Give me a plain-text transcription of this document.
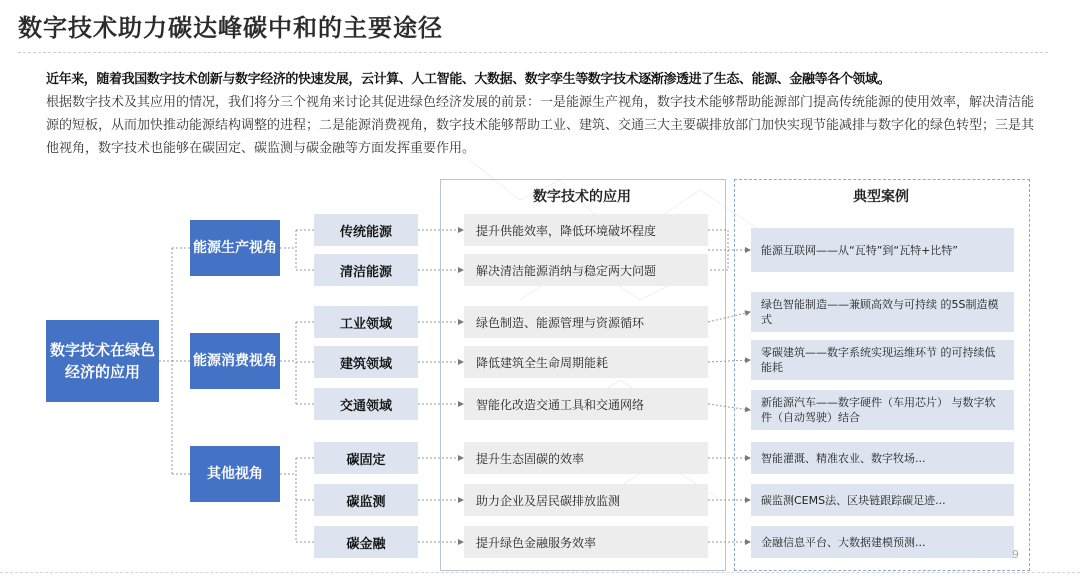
数字技术助力碳达峰碳中和的主要途径
近年来，随着我国数字技术创新与数字经济的快速发展，云计算、人工智能、大数据、数字孪生等数字技术逐渐渗透进了生态、能源、金融等各个领域。
根据数字技术及其应用的情况，我们将分三个视角来讨论其促进绿色经济发展的前景：一是能源生产视角，数字技术能够帮助能源部门提高传统能源的使用效率，解决清洁能源的短板，从而加快推动能源结构调整的进程；二是能源消费视角，数字技术能够帮助工业、建筑、交通三大主要碳排放部门加快实现节能减排与数字化的绿色转型；三是其他视角，数字技术也能够在碳固定、碳监测与碳金融等方面发挥重要作用。
数字技术的应用	典型案例
数字技术在绿色经济的应用
能源生产视角
能源消费视角
其他视角
传统能源
清洁能源
工业领域
建筑领域
交通领域
碳固定
碳监测
碳金融
提升供能效率，降低环境破坏程度
解决清洁能源消纳与稳定两大问题
绿色制造、能源管理与资源循环
降低建筑全生命周期能耗
智能化改造交通工具和交通网络
提升生态固碳的效率
助力企业及居民碳排放监测
提升绿色金融服务效率
能源互联网——从“瓦特”到“瓦特+比特”
绿色智能制造——兼顾高效与可持续 的5S制造模式
零碳建筑——数字系统实现运维环节 的可持续低能耗
新能源汽车——数字硬件（车用芯片） 与数字软件（自动驾驶）结合
智能灌溉、精准农业、数字牧场...
碳监测CEMS法、区块链跟踪碳足迹...
金融信息平台、大数据建模预测...
9
